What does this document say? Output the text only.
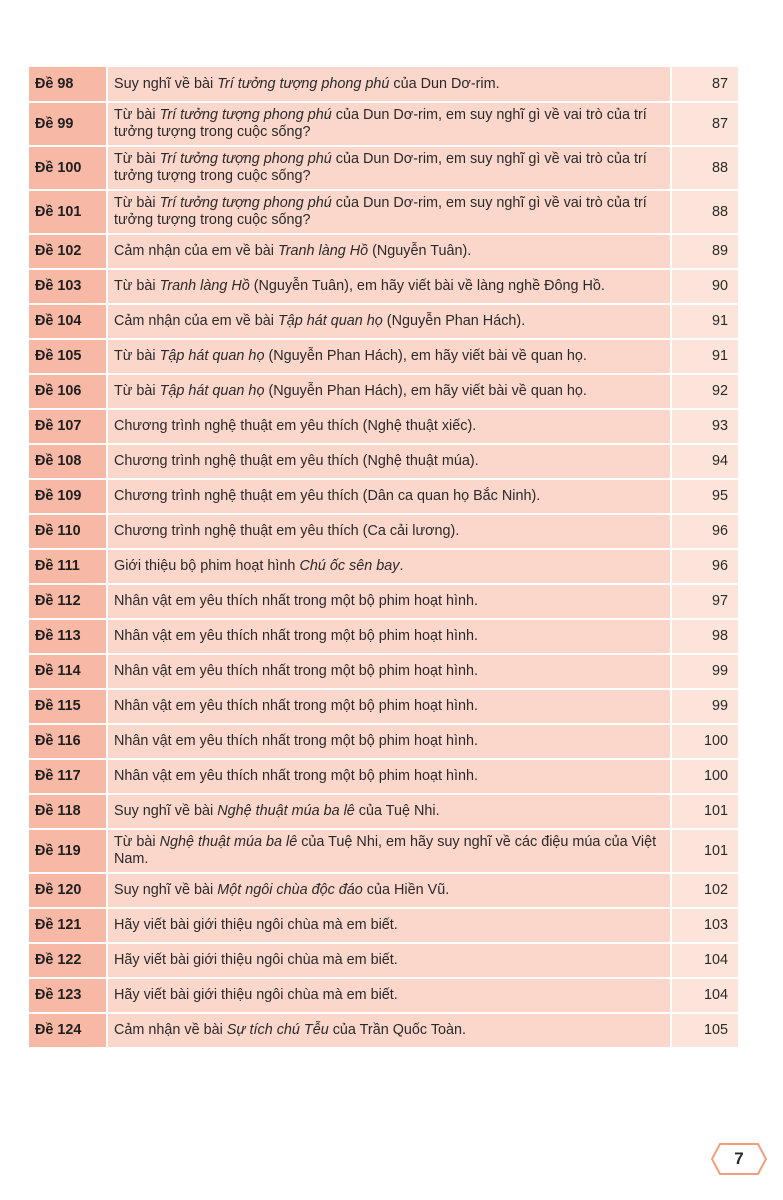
Đề 98	Suy nghĩ về bài Trí tưởng tượng phong phú của Dun Dơ-rim.	87
Đề 99	Từ bài Trí tưởng tượng phong phú của Dun Dơ-rim, em suy nghĩ gì về vai trò của trí tưởng tượng trong cuộc sống?	87
Đề 100	Từ bài Trí tưởng tượng phong phú của Dun Dơ-rim, em suy nghĩ gì về vai trò của trí tưởng tượng trong cuộc sống?	88
Đề 101	Từ bài Trí tưởng tượng phong phú của Dun Dơ-rim, em suy nghĩ gì về vai trò của trí tưởng tượng trong cuộc sống?	88
Đề 102	Cảm nhận của em về bài Tranh làng Hồ (Nguyễn Tuân).	89
Đề 103	Từ bài Tranh làng Hồ (Nguyễn Tuân), em hãy viết bài về làng nghề Đông Hồ.	90
Đề 104	Cảm nhận của em về bài Tập hát quan họ (Nguyễn Phan Hách).	91
Đề 105	Từ bài Tập hát quan họ (Nguyễn Phan Hách), em hãy viết bài về quan họ.	91
Đề 106	Từ bài Tập hát quan họ (Nguyễn Phan Hách), em hãy viết bài về quan họ.	92
Đề 107	Chương trình nghệ thuật em yêu thích (Nghệ thuật xiếc).	93
Đề 108	Chương trình nghệ thuật em yêu thích (Nghệ thuật múa).	94
Đề 109	Chương trình nghệ thuật em yêu thích (Dân ca quan họ Bắc Ninh).	95
Đề 110	Chương trình nghệ thuật em yêu thích (Ca cải lương).	96
Đề 111	Giới thiệu bộ phim hoạt hình Chú ốc sên bay.	96
Đề 112	Nhân vật em yêu thích nhất trong một bộ phim hoạt hình.	97
Đề 113	Nhân vật em yêu thích nhất trong một bộ phim hoạt hình.	98
Đề 114	Nhân vật em yêu thích nhất trong một bộ phim hoạt hình.	99
Đề 115	Nhân vật em yêu thích nhất trong một bộ phim hoạt hình.	99
Đề 116	Nhân vật em yêu thích nhất trong một bộ phim hoạt hình.	100
Đề 117	Nhân vật em yêu thích nhất trong một bộ phim hoạt hình.	100
Đề 118	Suy nghĩ về bài Nghệ thuật múa ba lê của Tuệ Nhi.	101
Đề 119	Từ bài Nghệ thuật múa ba lê của Tuệ Nhi, em hãy suy nghĩ về các điệu múa của Việt Nam.	101
Đề 120	Suy nghĩ về bài Một ngôi chùa độc đáo của Hiền Vũ.	102
Đề 121	Hãy viết bài giới thiệu ngôi chùa mà em biết.	103
Đề 122	Hãy viết bài giới thiệu ngôi chùa mà em biết.	104
Đề 123	Hãy viết bài giới thiệu ngôi chùa mà em biết.	104
Đề 124	Cảm nhận về bài Sự tích chú Tễu của Trần Quốc Toàn.	105
7
